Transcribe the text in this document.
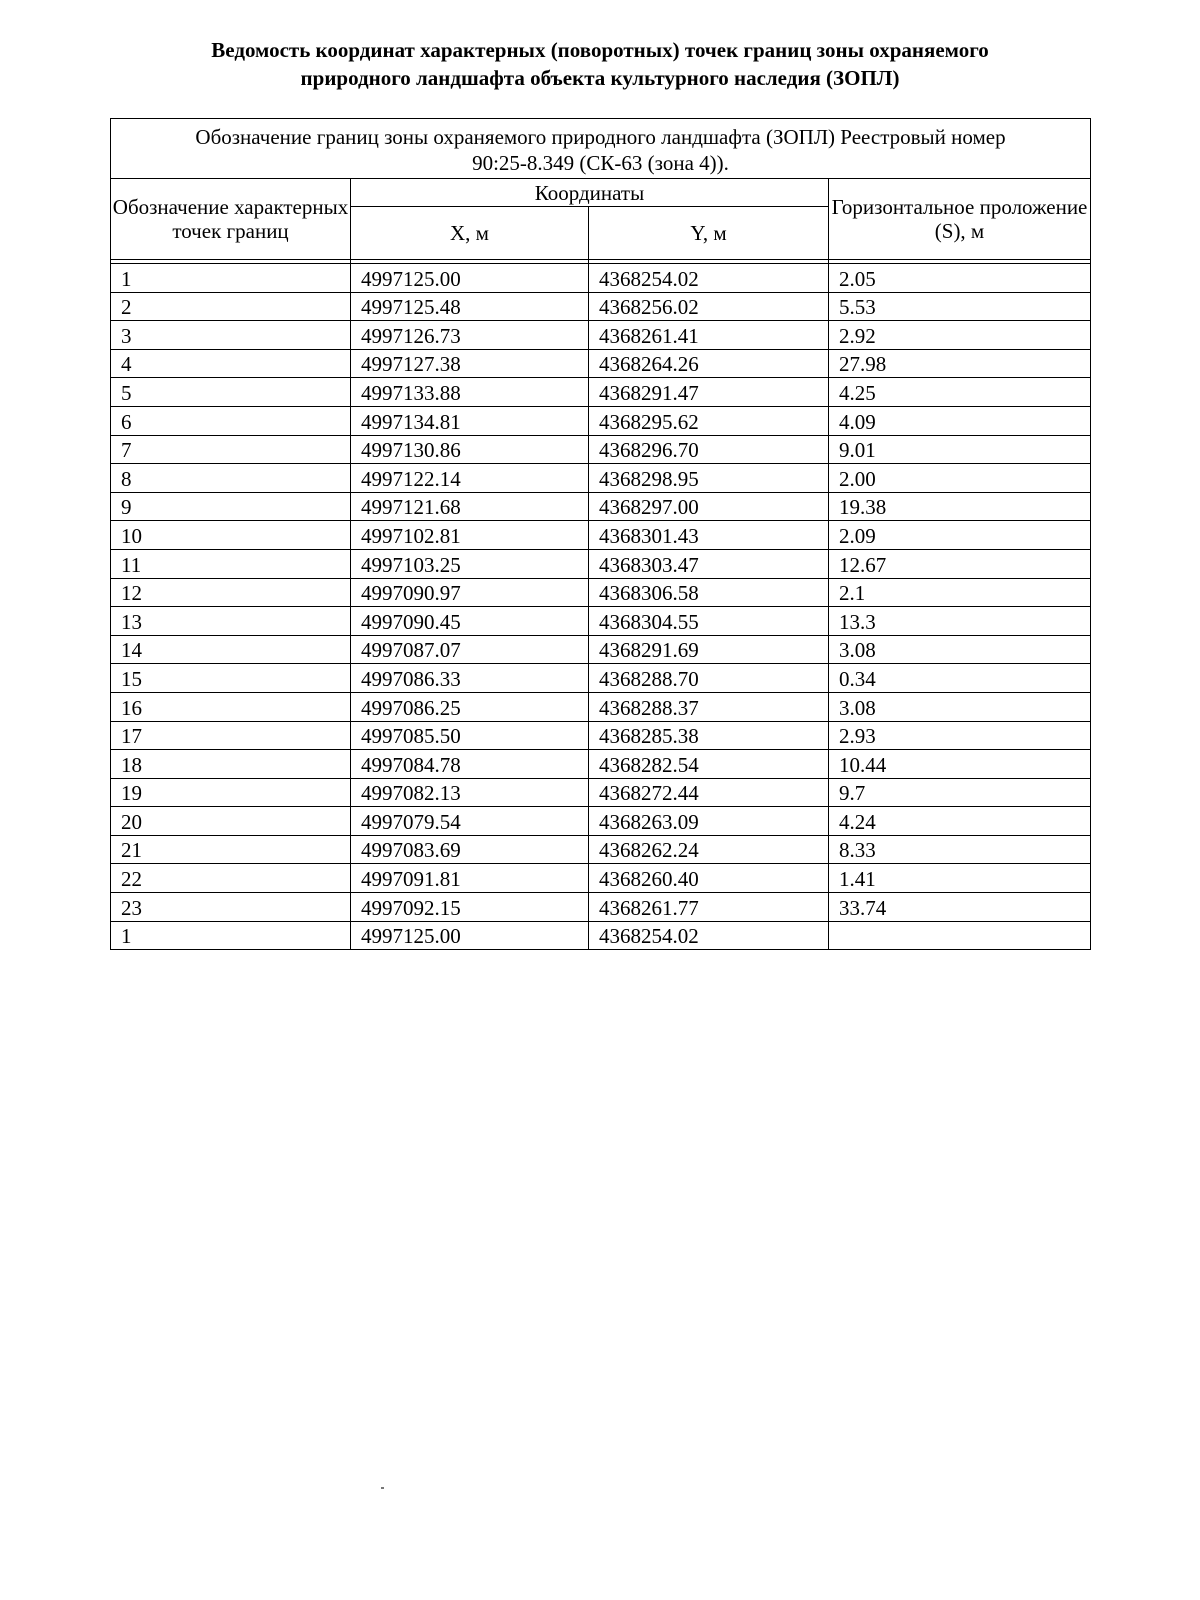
Ведомость координат характерных (поворотных) точек границ зоны охраняемого
природного ландшафта объекта культурного наследия (ЗОПЛ)
Обозначение границ зоны охраняемого природного ландшафта (ЗОПЛ) Реестровый номер
90:25-8.349 (СК-63 (зона 4)).			

Обозначение характерных точек границ	Координаты		Горизонтальное проложение (S), м
	X, м	Y, м	

1	4997125.00	4368254.02	2.05
2	4997125.48	4368256.02	5.53
3	4997126.73	4368261.41	2.92
4	4997127.38	4368264.26	27.98
5	4997133.88	4368291.47	4.25
6	4997134.81	4368295.62	4.09
7	4997130.86	4368296.70	9.01
8	4997122.14	4368298.95	2.00
9	4997121.68	4368297.00	19.38
10	4997102.81	4368301.43	2.09
11	4997103.25	4368303.47	12.67
12	4997090.97	4368306.58	2.1
13	4997090.45	4368304.55	13.3
14	4997087.07	4368291.69	3.08
15	4997086.33	4368288.70	0.34
16	4997086.25	4368288.37	3.08
17	4997085.50	4368285.38	2.93
18	4997084.78	4368282.54	10.44
19	4997082.13	4368272.44	9.7
20	4997079.54	4368263.09	4.24
21	4997083.69	4368262.24	8.33
22	4997091.81	4368260.40	1.41
23	4997092.15	4368261.77	33.74
1	4997125.00	4368254.02	
